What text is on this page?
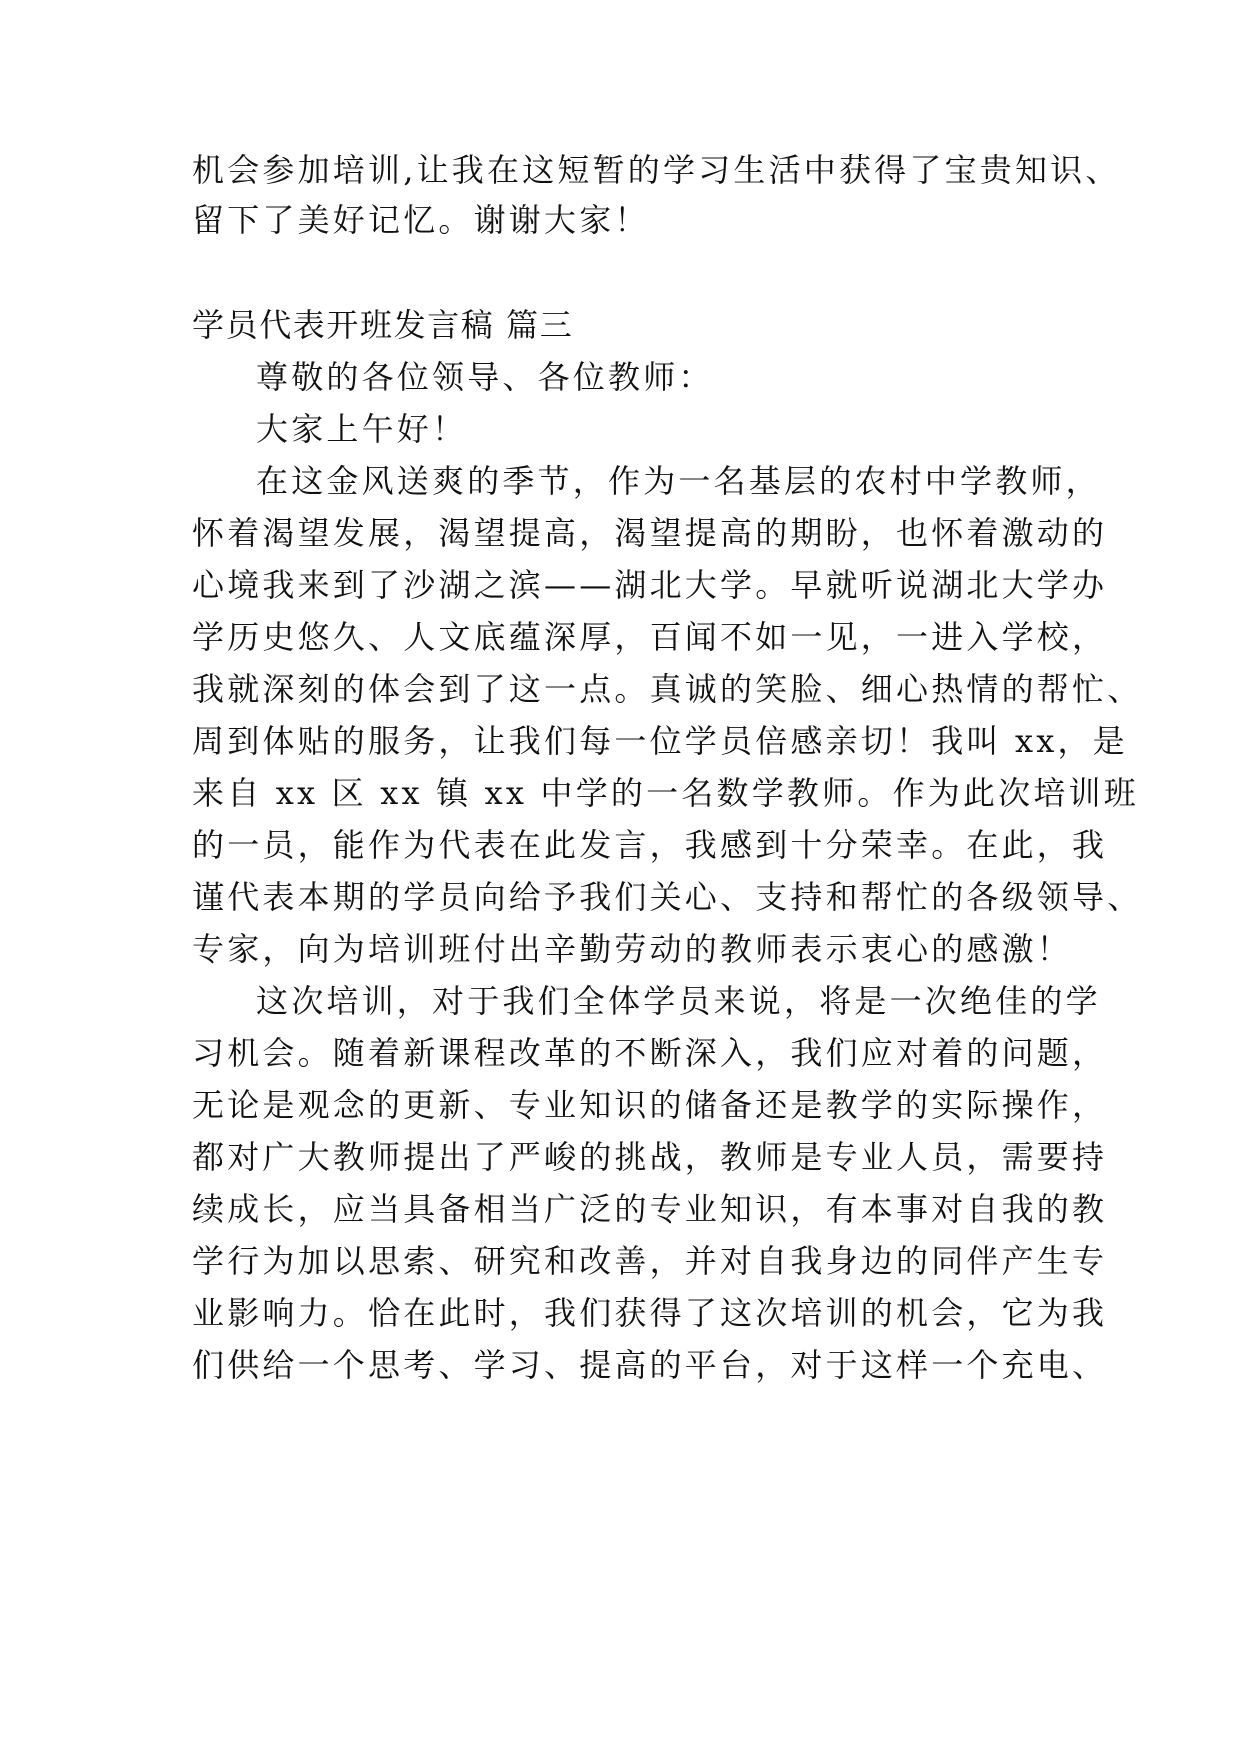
机会参加培训,让我在这短暂的学习生活中获得了宝贵知识、
留下了美好记忆。谢谢大家！
学员代表开班发言稿 篇三
尊敬的各位领导、各位教师：
大家上午好！
在这金风送爽的季节，作为一名基层的农村中学教师，
怀着渴望发展，渴望提高，渴望提高的期盼，也怀着激动的
心境我来到了沙湖之滨——湖北大学。早就听说湖北大学办
学历史悠久、人文底蕴深厚，百闻不如一见，一进入学校，
我就深刻的体会到了这一点。真诚的笑脸、细心热情的帮忙、
周到体贴的服务，让我们每一位学员倍感亲切！我叫 xx，是
来自 xx 区 xx 镇 xx 中学的一名数学教师。作为此次培训班
的一员，能作为代表在此发言，我感到十分荣幸。在此，我
谨代表本期的学员向给予我们关心、支持和帮忙的各级领导、
专家，向为培训班付出辛勤劳动的教师表示衷心的感激！
这次培训，对于我们全体学员来说，将是一次绝佳的学
习机会。随着新课程改革的不断深入，我们应对着的问题，
无论是观念的更新、专业知识的储备还是教学的实际操作，
都对广大教师提出了严峻的挑战，教师是专业人员，需要持
续成长，应当具备相当广泛的专业知识，有本事对自我的教
学行为加以思索、研究和改善，并对自我身边的同伴产生专
业影响力。恰在此时，我们获得了这次培训的机会，它为我
们供给一个思考、学习、提高的平台，对于这样一个充电、
